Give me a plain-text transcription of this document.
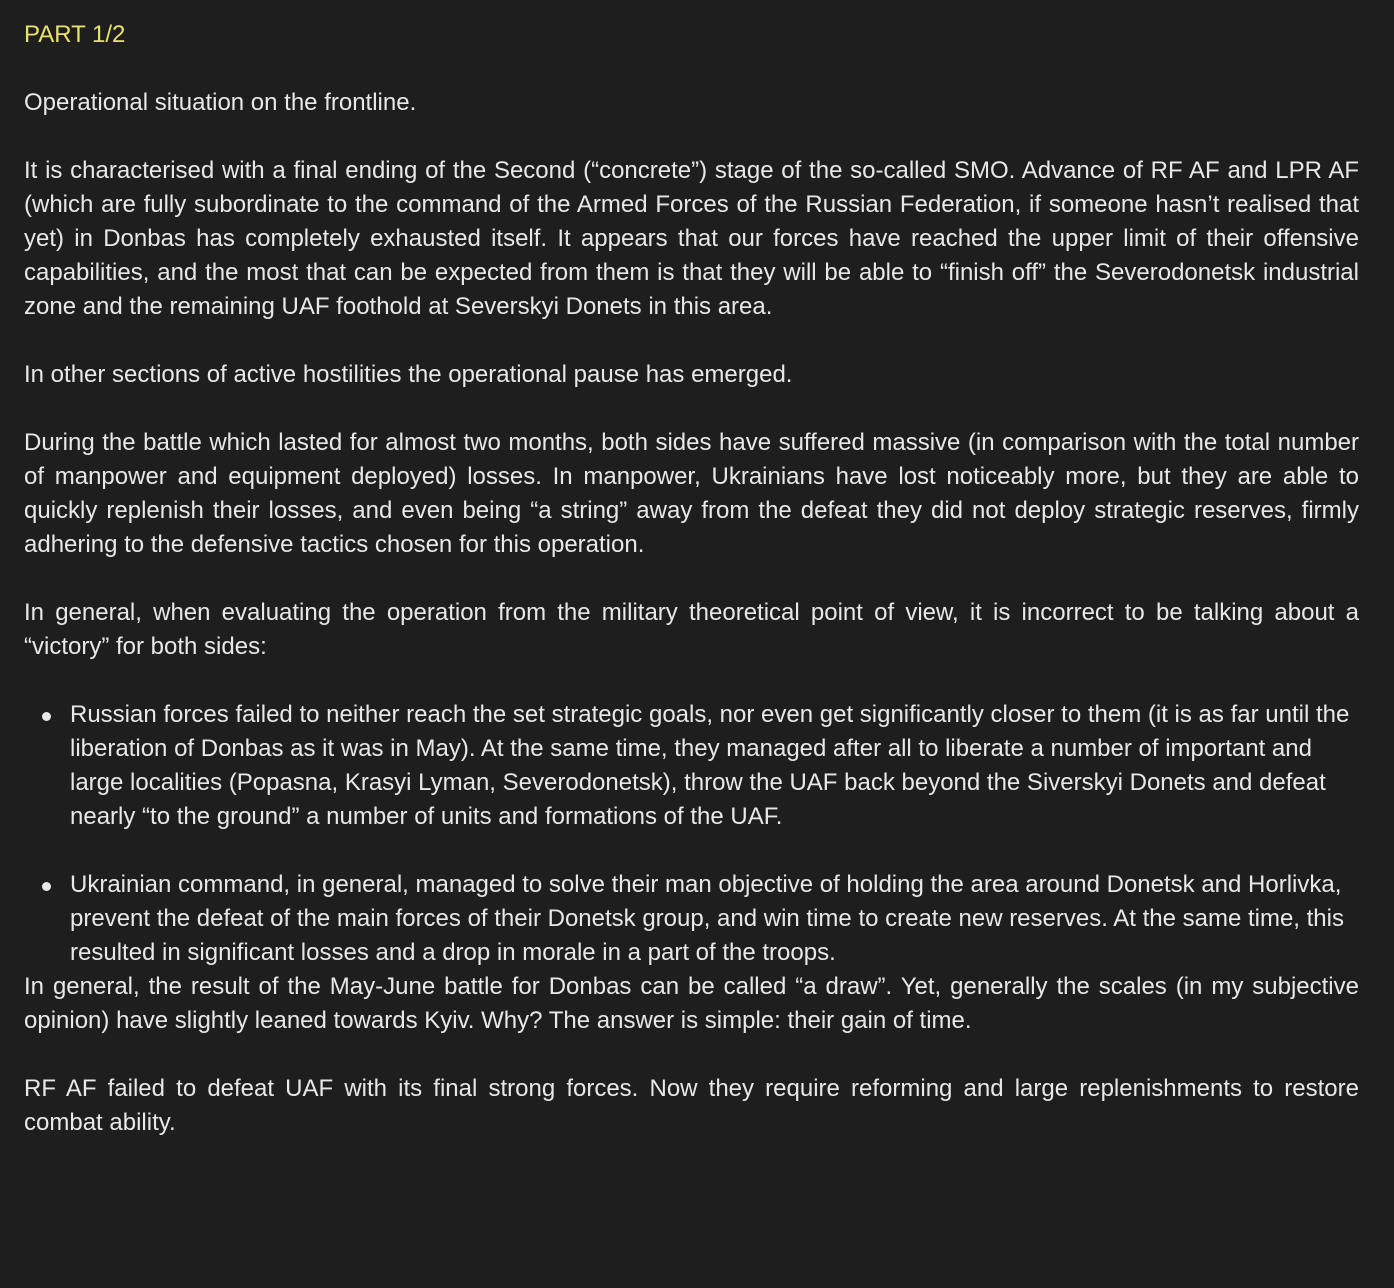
PART 1/2
Operational situation on the frontline.
It is characterised with a final ending of the Second (“concrete”) stage of the so-called SMO. Advance of RF AF and LPR AF (which are fully subordinate to the command of the Armed Forces of the Russian Federation, if someone hasn’t realised that yet) in Donbas has completely exhausted itself. It appears that our forces have reached the upper limit of their offensive capabilities, and the most that can be expected from them is that they will be able to “finish off” the Severodonetsk industrial zone and the remaining UAF foothold at Severskyi Donets in this area.
In other sections of active hostilities the operational pause has emerged.
During the battle which lasted for almost two months, both sides have suffered massive (in comparison with the total number of manpower and equipment deployed) losses. In manpower, Ukrainians have lost noticeably more, but they are able to quickly replenish their losses, and even being “a string” away from the defeat they did not deploy strategic reserves, firmly adhering to the defensive tactics chosen for this operation.
In general, when evaluating the operation from the military theoretical point of view, it is incorrect to be talking about a “victory” for both sides:
Russian forces failed to neither reach the set strategic goals, nor even get significantly closer to them (it is as far until the liberation of Donbas as it was in May). At the same time, they managed after all to liberate a number of important and large localities (Popasna, Krasyi Lyman, Severodonetsk), throw the UAF back beyond the Siverskyi Donets and defeat nearly “to the ground” a number of units and formations of the UAF.
Ukrainian command, in general, managed to solve their man objective of holding the area around Donetsk and Horlivka, prevent the defeat of the main forces of their Donetsk group, and win time to create new reserves. At the same time, this resulted in significant losses and a drop in morale in a part of the troops.
In general, the result of the May-June battle for Donbas can be called “a draw”. Yet, generally the scales (in my subjective opinion) have slightly leaned towards Kyiv. Why? The answer is simple: their gain of time.
RF AF failed to defeat UAF with its final strong forces. Now they require reforming and large replenishments to restore combat ability.
